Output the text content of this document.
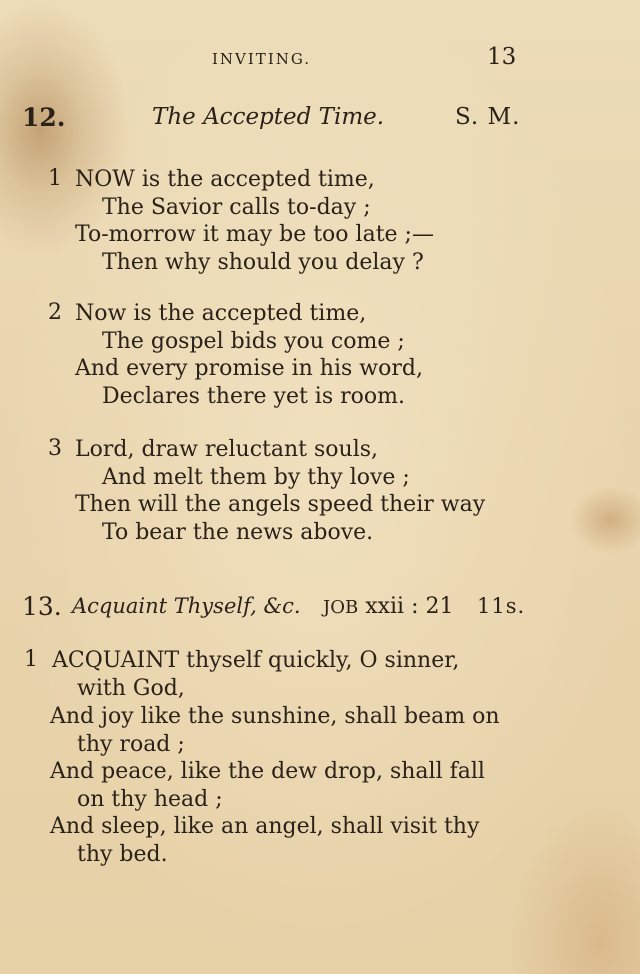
INVITING.	13
12.	The Accepted Time.	S. M.
1 NOW is the accepted time,
The Savior calls to-day ;
To-morrow it may be too late ;—
Then why should you delay ?
2 Now is the accepted time,
The gospel bids you come ;
And every promise in his word,
Declares there yet is room.
3 Lord, draw reluctant souls,
And melt them by thy love ;
Then will the angels speed their way
To bear the news above.
13. Acquaint Thyself, &c. JOB xxii : 21 11s.
1 ACQUAINT thyself quickly, O sinner,
with God,
And joy like the sunshine, shall beam on
thy road ;
And peace, like the dew drop, shall fall
on thy head ;
And sleep, like an angel, shall visit thy
thy bed.
